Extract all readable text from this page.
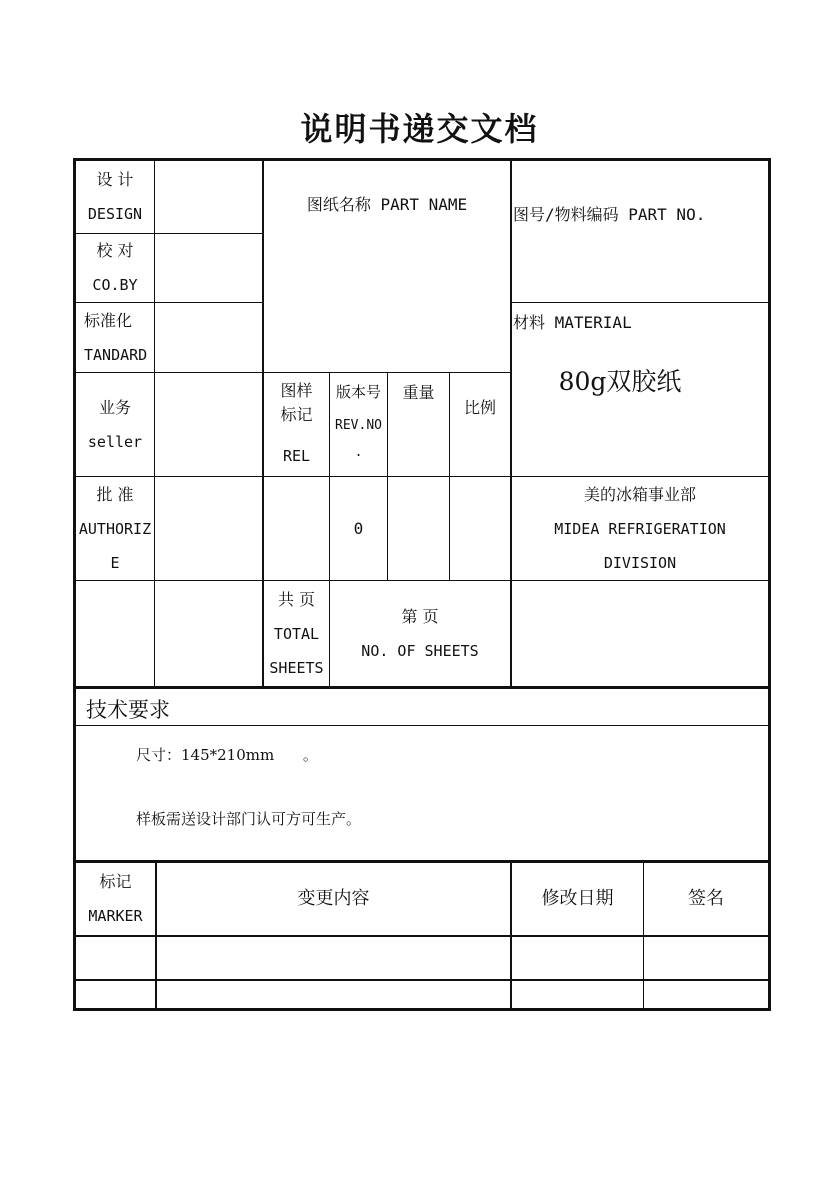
说明书递交文档
设 计
DESIGN
校 对
CO.BY
标准化
TANDARD
业务
seller
批 准
AUTHORIZ
E
图纸名称 PART NAME
图号/物料编码 PART NO.
材料 MATERIAL
80g双胶纸
图样
标记
REL
版本号
REV.NO
.
重量
比例
0
美的冰箱事业部
MIDEA REFRIGERATION
DIVISION
共 页
TOTAL
SHEETS
第 页
NO. OF SHEETS
技术要求
尺寸：145*210mm      。
样板需送设计部门认可方可生产。
标记
MARKER
变更内容	修改日期	签名
